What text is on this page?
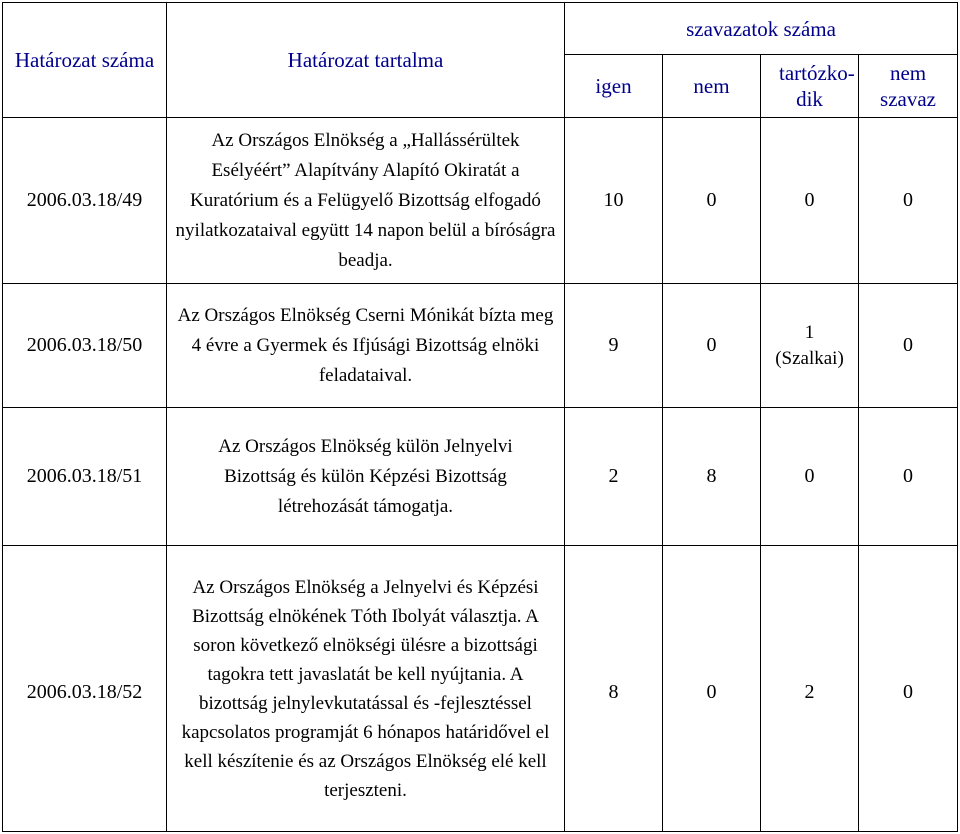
Határozat száma	Határozat tartalma	szavazatok száma			
		igen	nem	tartózko-dik	nem szavaz
2006.03.18/49	Az Országos Elnökség a „Hallássérültek Esélyéért” Alapítvány Alapító Okiratát a Kuratórium és a Felügyelő Bizottság elfogadó nyilatkozataival együtt 14 napon belül a bíróságra beadja.	10	0	0	0
2006.03.18/50	Az Országos Elnökség Cserni Mónikát bízta meg 4 évre a Gyermek és Ifjúsági Bizottság elnöki feladataival.	9	0	1 (Szalkai)	0
2006.03.18/51	Az Országos Elnökség külön Jelnyelvi Bizottság és külön Képzési Bizottság létrehozását támogatja.	2	8	0	0
2006.03.18/52	Az Országos Elnökség a Jelnyelvi és Képzési Bizottság elnökének Tóth Ibolyát választja. A soron következő elnökségi ülésre a bizottsági tagokra tett javaslatát be kell nyújtania. A bizottság jelnylevkutatással és -fejlesztéssel kapcsolatos programját 6 hónapos határidővel el kell készítenie és az Országos Elnökség elé kell terjeszteni.	8	0	2	0
